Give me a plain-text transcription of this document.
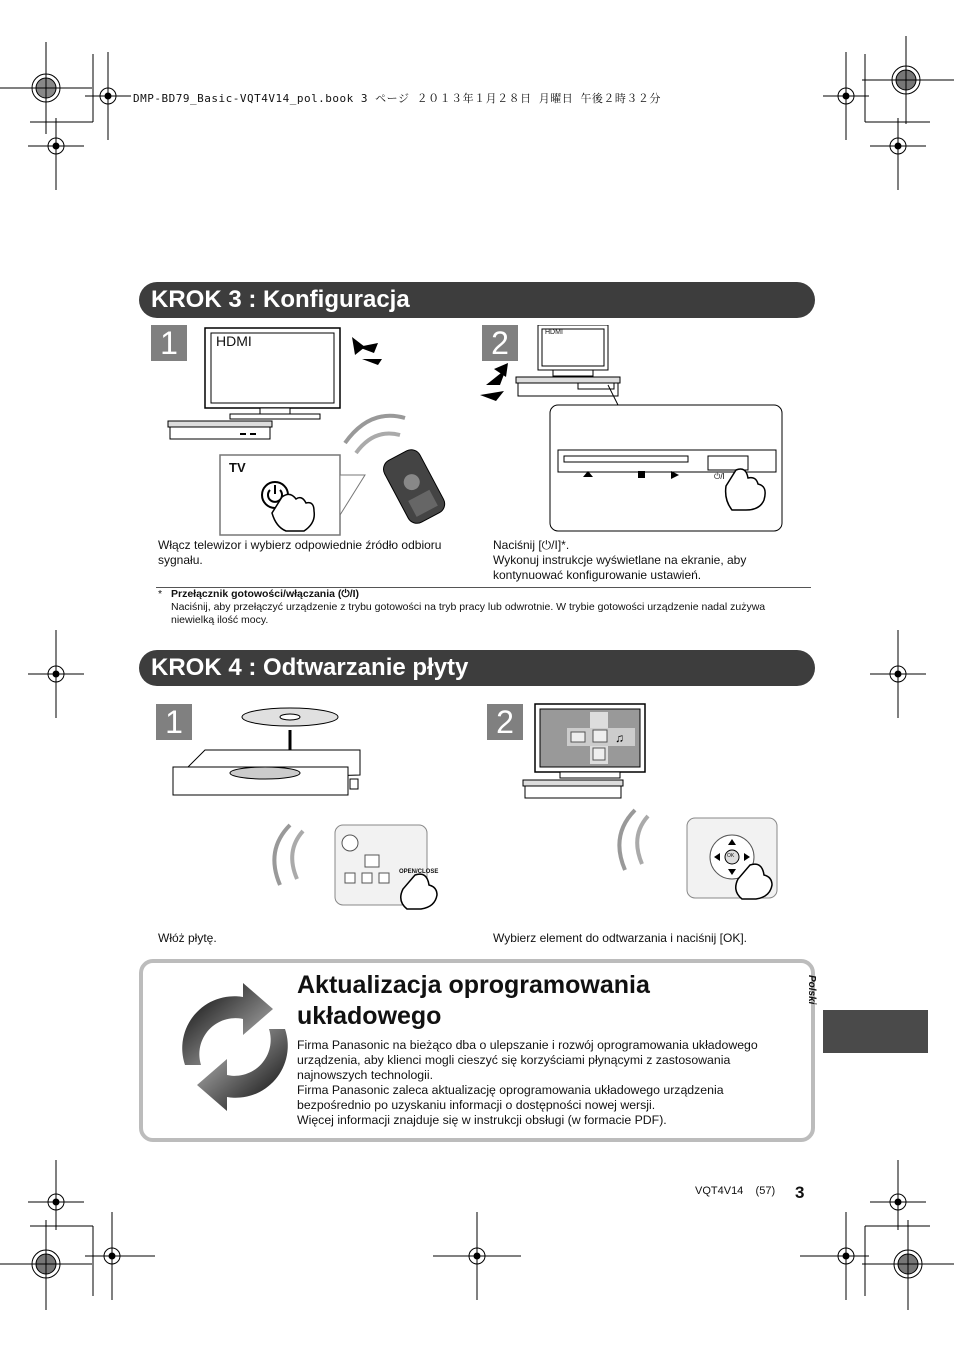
DMP-BD79_Basic-VQT4V14_pol.book 3 ページ ２０１３年１月２８日 月曜日 午後２時３２分
KROK 3 : Konfiguracja
1	2
HDMI
TV
⏻/I
HDMI
Włącz telewizor i wybierz odpowiednie źródło odbioru sygnału.
Naciśnij [⏻/I]*.
Wykonuj instrukcje wyświetlane na ekranie, aby kontynuować konfigurowanie ustawień.
* Przełącznik gotowości/włączania (⏻/I)
Naciśnij, aby przełączyć urządzenie z trybu gotowości na tryb pracy lub odwrotnie. W trybie gotowości urządzenie nadal zużywa niewielką ilość mocy.
KROK 4 : Odtwarzanie płyty
1	2
OPEN/CLOSE
♫
OK
Włóż płytę.	Wybierz element do odtwarzania i naciśnij [OK].
Aktualizacja oprogramowania
układowego
Firma Panasonic na bieżąco dba o ulepszanie i rozwój oprogramowania układowego urządzenia, aby klienci mogli cieszyć się korzyściami płynącymi z zastosowania najnowszych technologii.
Firma Panasonic zaleca aktualizację oprogramowania układowego urządzenia bezpośrednio po uzyskaniu informacji o dostępności nowej wersji.
Więcej informacji znajduje się w instrukcji obsługi (w formacie PDF).
Polski
VQT4V14 (57) 3
